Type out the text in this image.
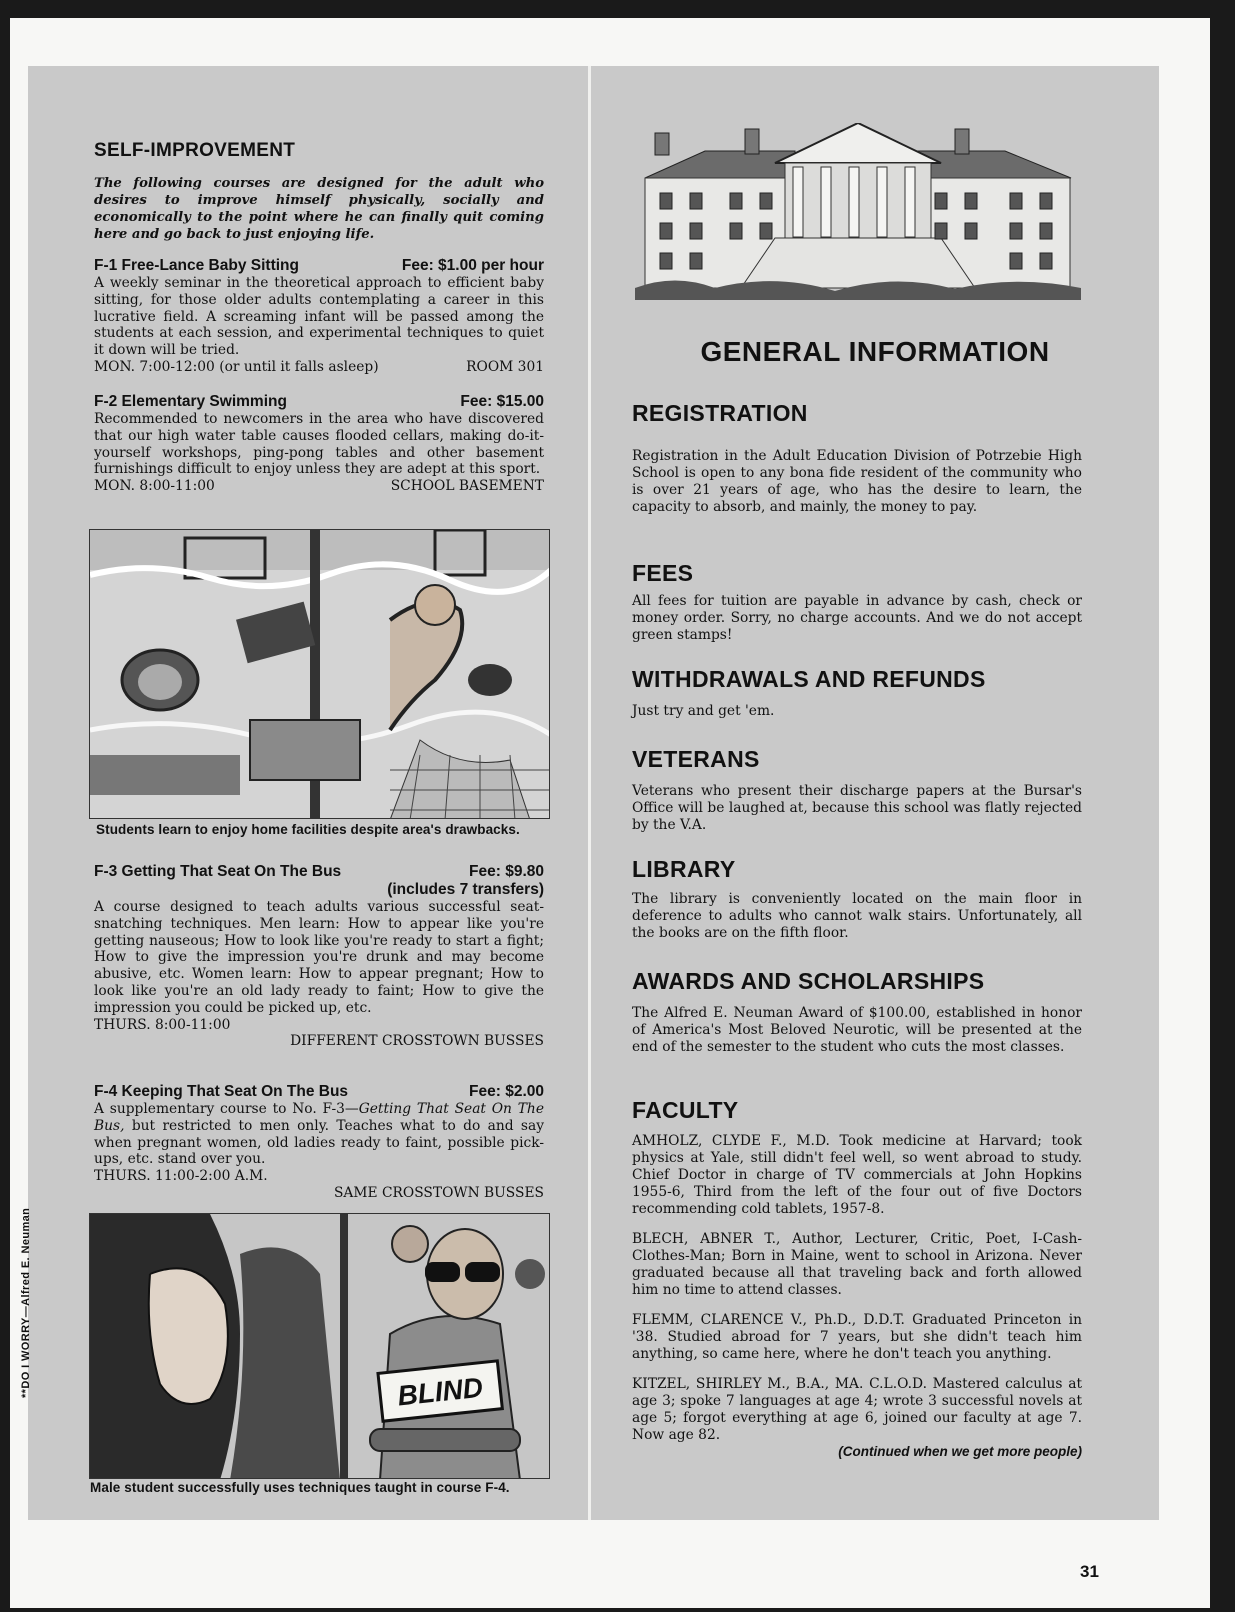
SELF-IMPROVEMENT
The following courses are designed for the adult who desires to improve himself physically, socially and economically to the point where he can finally quit coming here and go back to just enjoying life.
F-1 Free-Lance Baby Sitting	Fee: $1.00 per hour
A weekly seminar in the theoretical approach to efficient baby sitting, for those older adults contemplating a career in this lucrative field. A screaming infant will be passed among the students at each session, and experimental techniques to quiet it down will be tried.
MON. 7:00-12:00 (or until it falls asleep)	ROOM 301
F-2 Elementary Swimming	Fee: $15.00
Recommended to newcomers in the area who have discovered that our high water table causes flooded cellars, making do-it-yourself workshops, ping-pong tables and other basement furnishings difficult to enjoy unless they are adept at this sport.
MON. 8:00-11:00	SCHOOL BASEMENT
Students learn to enjoy home facilities despite area's drawbacks.
F-3 Getting That Seat On The Bus	Fee: $9.80
(includes 7 transfers)
A course designed to teach adults various successful seat-snatching techniques. Men learn: How to appear like you're getting nauseous; How to look like you're ready to start a fight; How to give the impression you're drunk and may become abusive, etc. Women learn: How to appear pregnant; How to look like you're an old lady ready to faint; How to give the impression you could be picked up, etc.
THURS. 8:00-11:00
DIFFERENT CROSSTOWN BUSSES
F-4 Keeping That Seat On The Bus	Fee: $2.00
A supplementary course to No. F-3—Getting That Seat On The Bus, but restricted to men only. Teaches what to do and say when pregnant women, old ladies ready to faint, possible pick-ups, etc. stand over you.
THURS. 11:00-2:00 A.M.
SAME CROSSTOWN BUSSES
BLIND
Male student successfully uses techniques taught in course F-4.
**DO I WORRY—Alfred E. Neuman
GENERAL INFORMATION
REGISTRATION

Registration in the Adult Education Division of Potrzebie High School is open to any bona fide resident of the community who is over 21 years of age, who has the desire to learn, the capacity to absorb, and mainly, the money to pay.

FEES

All fees for tuition are payable in advance by cash, check or money order. Sorry, no charge accounts. And we do not accept green stamps!

WITHDRAWALS AND REFUNDS

Just try and get 'em.

VETERANS

Veterans who present their discharge papers at the Bursar's Office will be laughed at, because this school was flatly rejected by the V.A.

LIBRARY

The library is conveniently located on the main floor in deference to adults who cannot walk stairs. Unfortunately, all the books are on the fifth floor.

AWARDS AND SCHOLARSHIPS

The Alfred E. Neuman Award of $100.00, established in honor of America's Most Beloved Neurotic, will be presented at the end of the semester to the student who cuts the most classes.

FACULTY

AMHOLZ, CLYDE F., M.D. Took medicine at Harvard; took physics at Yale, still didn't feel well, so went abroad to study. Chief Doctor in charge of TV commercials at John Hopkins 1955-6, Third from the left of the four out of five Doctors recommending cold tablets, 1957-8.

BLECH, ABNER T., Author, Lecturer, Critic, Poet, I-Cash-Clothes-Man; Born in Maine, went to school in Arizona. Never graduated because all that traveling back and forth allowed him no time to attend classes.

FLEMM, CLARENCE V., Ph.D., D.D.T. Graduated Princeton in '38. Studied abroad for 7 years, but she didn't teach him anything, so came here, where he don't teach you anything.

KITZEL, SHIRLEY M., B.A., MA. C.L.O.D. Mastered calculus at age 3; spoke 7 languages at age 4; wrote 3 successful novels at age 5; forgot everything at age 6, joined our faculty at age 7. Now age 82.

(Continued when we get more people)
31
